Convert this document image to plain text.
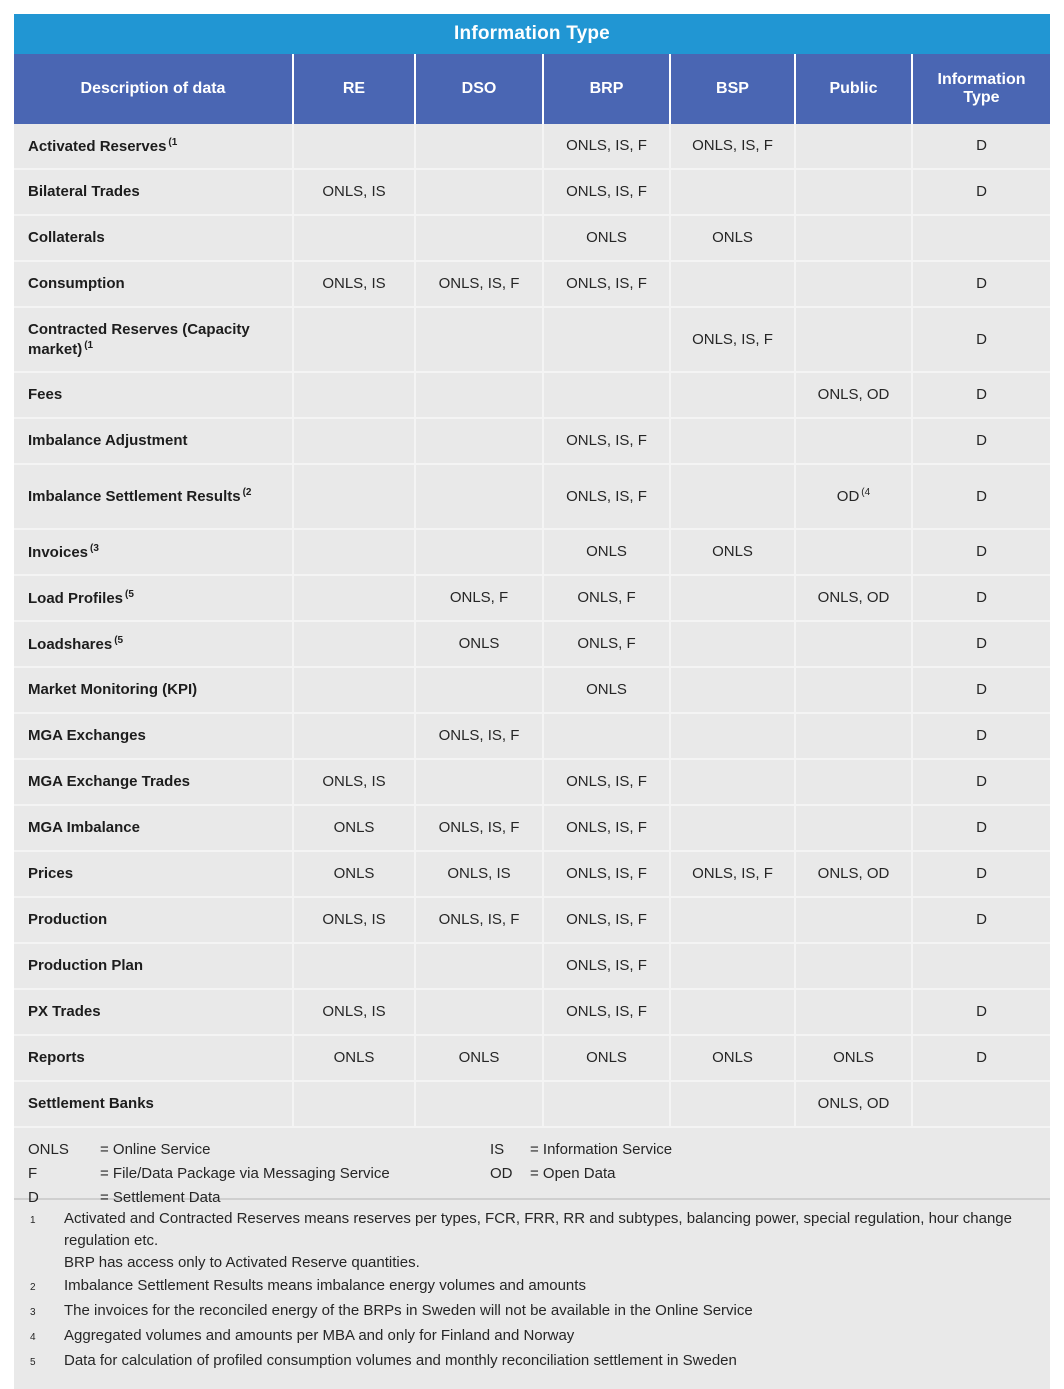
Information Type
Description of data	RE	DSO	BRP	BSP	Public	Information Type
Activated Reserves $^{(1}$			ONLS, IS, F	ONLS, IS, F		D
Bilateral Trades	ONLS, IS		ONLS, IS, F			D
Collaterals			ONLS	ONLS		
Consumption	ONLS, IS	ONLS, IS, F	ONLS, IS, F			D
Contracted Reserves (Capacity market) $^{(1}$				ONLS, IS, F		D
Fees					ONLS, OD	D
Imbalance Adjustment			ONLS, IS, F			D
Imbalance Settlement Results $^{(2}$			ONLS, IS, F		OD $^{(4}$	D
Invoices $^{(3}$			ONLS	ONLS		D
Load Profiles $^{(5}$		ONLS, F	ONLS, F		ONLS, OD	D
Loadshares $^{(5}$		ONLS	ONLS, F			D
Market Monitoring (KPI)			ONLS			D
MGA Exchanges		ONLS, IS, F				D
MGA Exchange Trades	ONLS, IS		ONLS, IS, F			D
MGA Imbalance	ONLS	ONLS, IS, F	ONLS, IS, F			D
Prices	ONLS	ONLS, IS	ONLS, IS, F	ONLS, IS, F	ONLS, OD	D
Production	ONLS, IS	ONLS, IS, F	ONLS, IS, F			D
Production Plan			ONLS, IS, F			
PX Trades	ONLS, IS		ONLS, IS, F			D
Reports	ONLS	ONLS	ONLS	ONLS	ONLS	D
Settlement Banks					ONLS, OD	
ONLS	= Online Service
F	= File/Data Package via Messaging Service
D	= Settlement Data
IS	= Information Service
OD	= Open Data
1	Activated and Contracted Reserves means reserves per types, FCR, FRR, RR and subtypes, balancing power, special regulation, hour change regulation etc.
BRP has access only to Activated Reserve quantities.
2	Imbalance Settlement Results means imbalance energy volumes and amounts
3	The invoices for the reconciled energy of the BRPs in Sweden will not be available in the Online Service
4	Aggregated volumes and amounts per MBA and only for Finland and Norway
5	Data for calculation of profiled consumption volumes and monthly reconciliation settlement in Sweden
